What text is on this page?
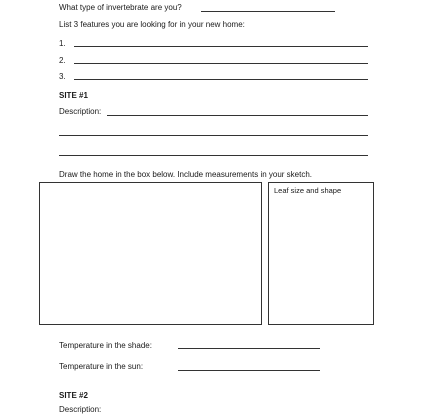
What type of invertebrate are you?
List 3 features you are looking for in your new home:
1.
2.
3.
SITE #1
Description:
Draw the home in the box below. Include measurements in your sketch.
Leaf size and shape
Temperature in the shade:
Temperature in the sun:
SITE #2
Description:
